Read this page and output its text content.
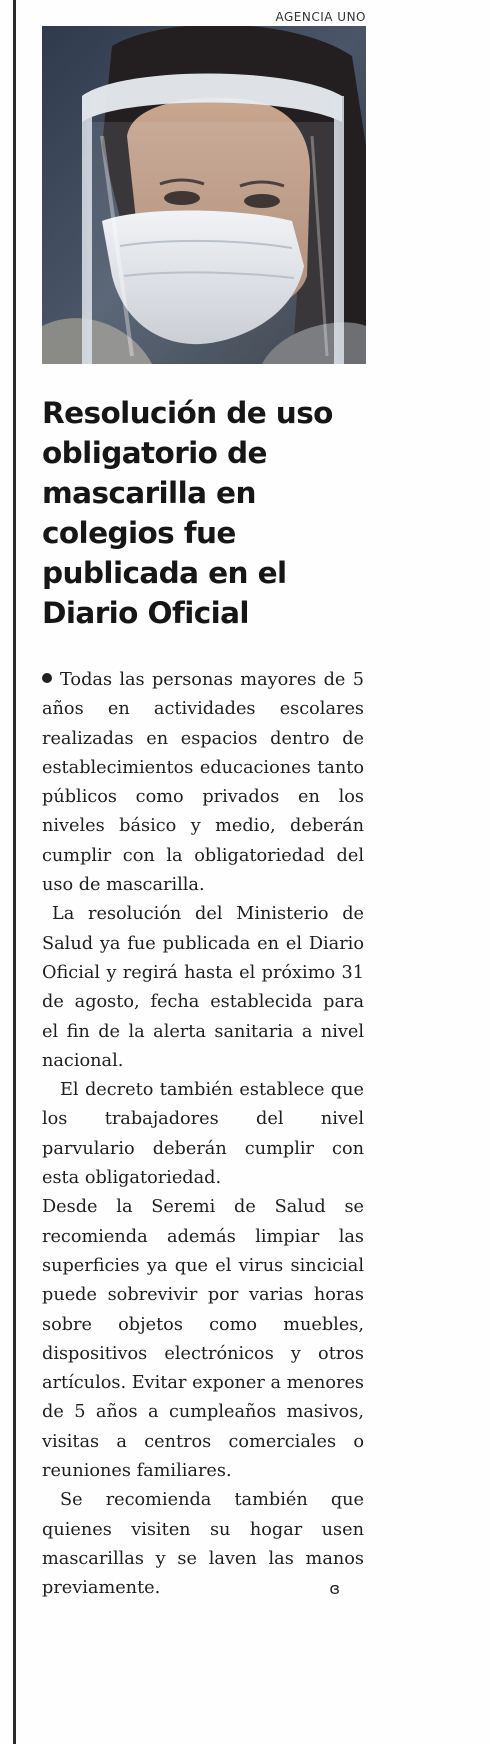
AGENCIA UNO
Resolución de uso obligatorio de mascarilla en colegios fue publicada en el Diario Oficial

Todas las personas mayores de 5 años en actividades escolares realizadas en espacios dentro de establecimientos educaciones tanto públicos como privados en los niveles básico y medio, deberán cumplir con la obligatoriedad del uso de mascarilla.

La resolución del Ministerio de Salud ya fue publicada en el Diario Oficial y regirá hasta el próximo 31 de agosto, fecha establecida para el fin de la alerta sanitaria a nivel nacional.

El decreto también establece que los trabajadores del nivel parvulario deberán cumplir con esta obligatoriedad.

Desde la Seremi de Salud se recomienda además limpiar las superficies ya que el virus sincicial puede sobrevivir por varias horas sobre objetos como muebles, dispositivos electrónicos y otros artículos. Evitar exponer a menores de 5 años a cumpleaños masivos, visitas a centros comerciales o reuniones familiares.

Se recomienda también que quienes visiten su hogar usen mascarillas y se laven las manos previamente.	ɞ
